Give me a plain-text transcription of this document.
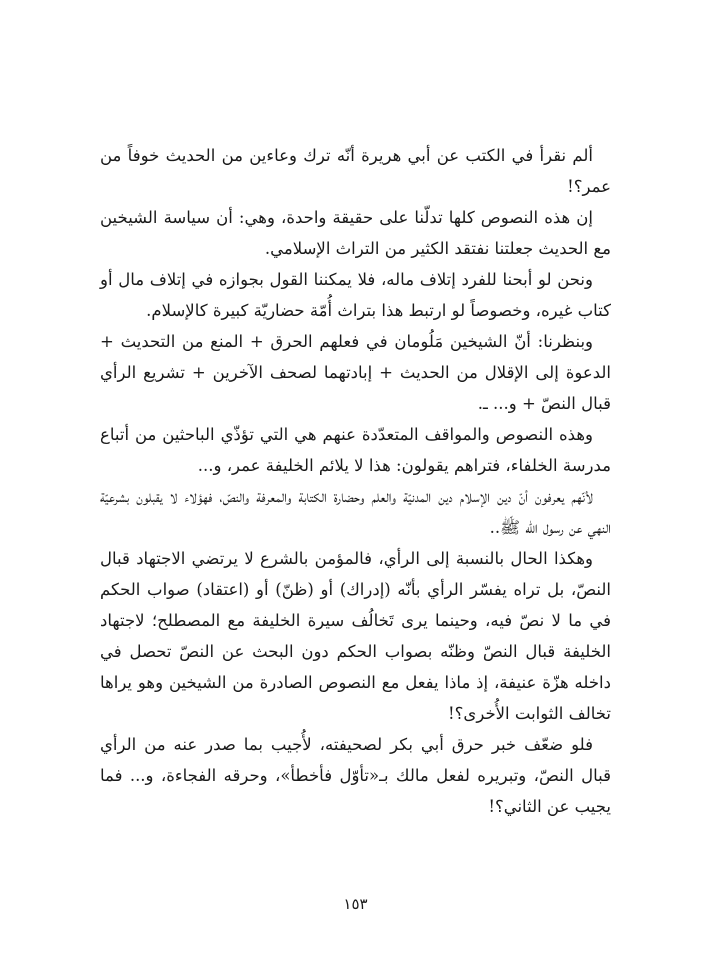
ألم نقرأ في الكتب عن أبي هريرة أنّه ترك وعاءين من الحديث خوفاً من عمر؟!

إن هذه النصوص كلها تدلّنا على حقيقة واحدة، وهي: أن سياسة الشيخين مع الحديث جعلتنا نفتقد الكثير من التراث الإسلامي.

ونحن لو أبحنا للفرد إتلاف ماله، فلا يمكننا القول بجوازه في إتلاف مال أو كتاب غيره، وخصوصاً لو ارتبط هذا بتراث أُمّة حضاريّة كبيرة كالإسلام.

وبنظرنا: أنّ الشيخين مَلُومان في فعلهم الحرق + المنع من التحديث + الدعوة إلى الإقلال من الحديث + إبادتهما لصحف الآخرين + تشريع الرأي قبال النصّ + و... ـ.

وهذه النصوص والمواقف المتعدّدة عنهم هي التي تؤذّي الباحثين من أتباع مدرسة الخلفاء، فتراهم يقولون: هذا لا يلائم الخليفة عمر، و...

لأنّهم يعرفون أنّ دين الإسلام دين المدنيّة والعلم وحضارة الكتابة والمعرفة والنصّ، فهؤلاء لا يقبلون بشرعيّة النهي عن رسول الله ﷺ..

وهكذا الحال بالنسبة إلى الرأي، فالمؤمن بالشرع لا يرتضي الاجتهاد قبال النصّ، بل تراه يفسّر الرأي بأنّه (إدراك) أو (ظنّ) أو (اعتقاد) صواب الحكم في ما لا نصّ فيه، وحينما يرى تَخالُف سيرة الخليفة مع المصطلح؛ لاجتهاد الخليفة قبال النصّ وظنّه بصواب الحكم دون البحث عن النصّ تحصل في داخله هزّة عنيفة، إذ ماذا يفعل مع النصوص الصادرة من الشيخين وهو يراها تخالف الثوابت الأُخرى؟!

فلو ضعّف خبر حرق أبي بكر لصحيفته، لأُجيب بما صدر عنه من الرأي قبال النصّ، وتبريره لفعل مالك بـ«تأوّل فأخطأ»، وحرقه الفجاءة، و... فما يجيب عن الثاني؟!

١٥٣
